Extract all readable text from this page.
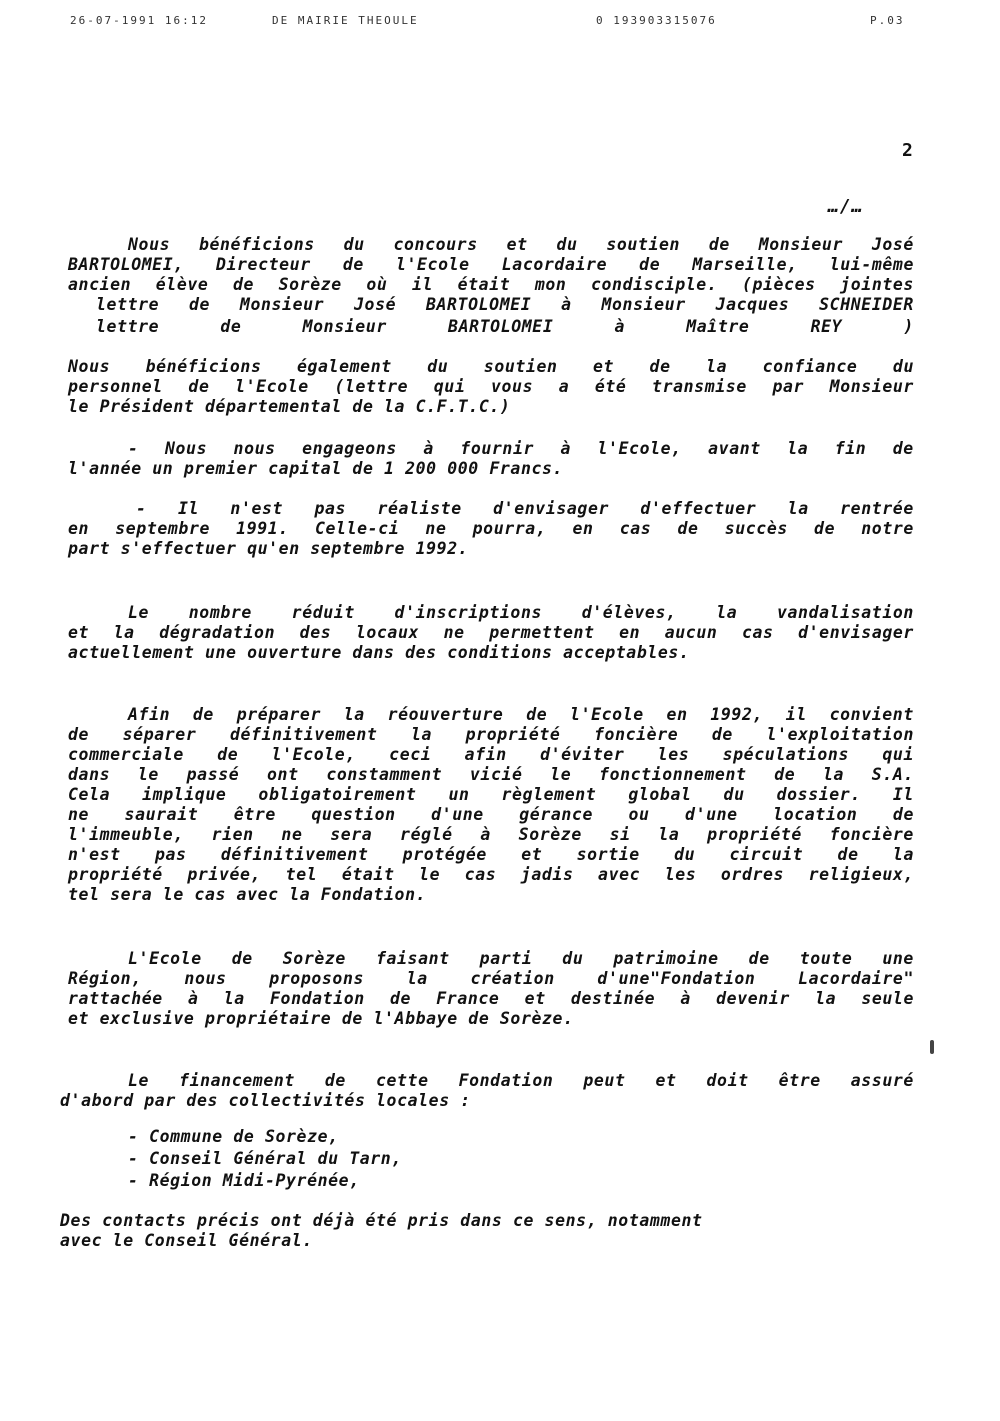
26-07-1991 16:12	DE MAIRIE THEOULE	0 193903315076	P.03
2
…/…
Nous bénéficions du concours et du soutien de Monsieur José
BARTOLOMEI, Directeur de l'Ecole Lacordaire de Marseille, lui-même
ancien élève de Sorèze où il était mon condisciple. (pièces jointes
lettre de Monsieur José BARTOLOMEI à Monsieur Jacques SCHNEIDER
lettre	de	Monsieur	BARTOLOMEI	à	Maître	REY	)
Nous bénéficions également du soutien et de la confiance du
personnel de l'Ecole (lettre qui vous a été transmise par Monsieur
le Président départemental de la C.F.T.C.)
- Nous nous engageons à fournir à l'Ecole, avant la fin de
l'année un premier capital de 1 200 000 Francs.
- Il n'est pas réaliste d'envisager d'effectuer la rentrée
en septembre 1991. Celle-ci ne pourra, en cas de succès de notre
part s'effectuer qu'en septembre 1992.
Le nombre réduit d'inscriptions d'élèves, la vandalisation
et la dégradation des locaux ne permettent en aucun cas d'envisager
actuellement une ouverture dans des conditions acceptables.
Afin de préparer la réouverture de l'Ecole en 1992, il convient
de séparer définitivement la propriété foncière de l'exploitation
commerciale de l'Ecole, ceci afin d'éviter les spéculations qui
dans le passé ont constamment vicié le fonctionnement de la S.A.
Cela implique obligatoirement un règlement global du dossier. Il
ne saurait être question d'une gérance ou d'une location de
l'immeuble, rien ne sera réglé à Sorèze si la propriété foncière
n'est pas définitivement protégée et sortie du circuit de la
propriété privée, tel était le cas jadis avec les ordres religieux,
tel sera le cas avec la Fondation.
L'Ecole de Sorèze faisant parti du patrimoine de toute une
Région,	nous	proposons	la	création	d'une"Fondation	Lacordaire"
rattachée à la Fondation de France et destinée à devenir la seule
et exclusive propriétaire de l'Abbaye de Sorèze.
Le financement de cette Fondation peut et doit être assuré
d'abord par des collectivités locales :
- Commune de Sorèze,
- Conseil Général du Tarn,
- Région Midi-Pyrénée,
Des contacts précis ont déjà été pris dans ce sens, notamment
avec le Conseil Général.
